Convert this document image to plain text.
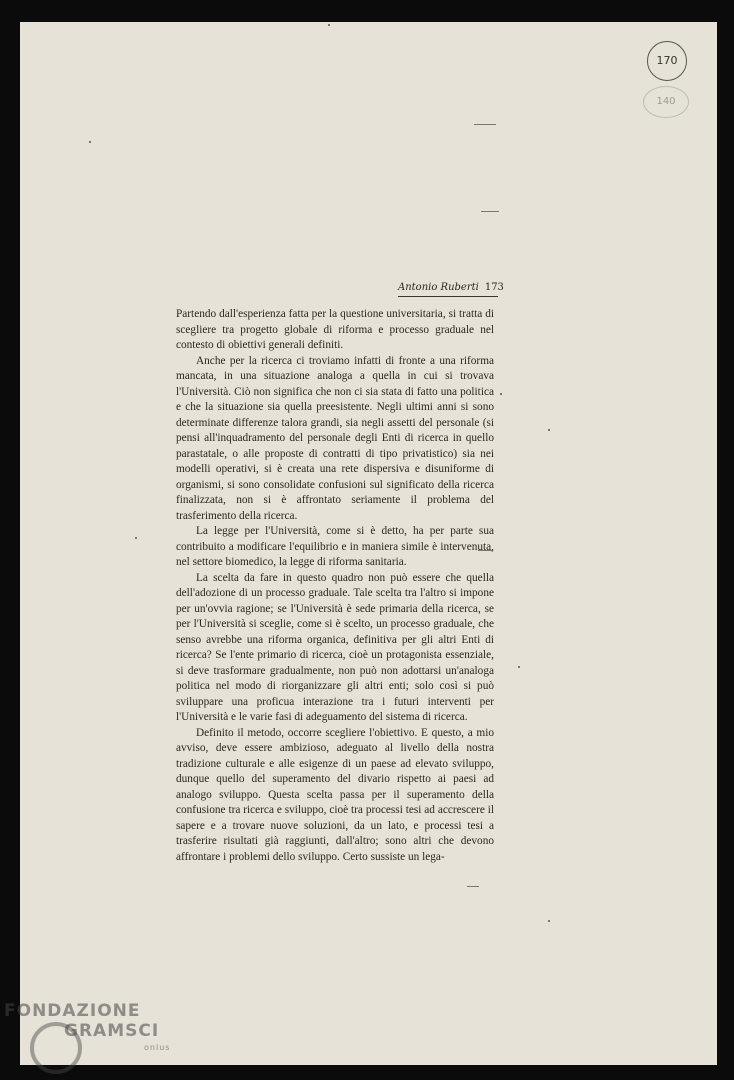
170
140
Antonio Ruberti 173

Partendo dall'esperienza fatta per la questione universitaria, si tratta di scegliere tra progetto globale di riforma e processo graduale nel contesto di obiettivi generali definiti.

Anche per la ricerca ci troviamo infatti di fronte a una riforma mancata, in una situazione analoga a quella in cui si trovava l'Università. Ciò non significa che non ci sia stata di fatto una politica e che la situazione sia quella preesistente. Negli ultimi anni si sono determinate differenze talora grandi, sia negli assetti del personale (si pensi all'inquadramento del personale degli Enti di ricerca in quello parastatale, o alle proposte di contratti di tipo privatistico) sia nei modelli operativi, si è creata una rete dispersiva e disuniforme di organismi, si sono consolidate confusioni sul significato della ricerca finalizzata, non si è affrontato seriamente il problema del trasferimento della ricerca.

La legge per l'Università, come si è detto, ha per parte sua contribuito a modificare l'equilibrio e in maniera simile è intervenuta, nel settore biomedico, la legge di riforma sanitaria.

La scelta da fare in questo quadro non può essere che quella dell'adozione di un processo graduale. Tale scelta tra l'altro si impone per un'ovvia ragione; se l'Università è sede primaria della ricerca, se per l'Università si sceglie, come si è scelto, un processo graduale, che senso avrebbe una riforma organica, definitiva per gli altri Enti di ricerca? Se l'ente primario di ricerca, cioè un protagonista essenziale, si deve trasformare gradualmente, non può non adottarsi un'analoga politica nel modo di riorganizzare gli altri enti; solo così si può sviluppare una proficua interazione tra i futuri interventi per l'Università e le varie fasi di adeguamento del sistema di ricerca.

Definito il metodo, occorre scegliere l'obiettivo. E questo, a mio avviso, deve essere ambizioso, adeguato al livello della nostra tradizione culturale e alle esigenze di un paese ad elevato sviluppo, dunque quello del superamento del divario rispetto ai paesi ad analogo sviluppo. Questa scelta passa per il superamento della confusione tra ricerca e sviluppo, cioè tra processi tesi ad accrescere il sapere e a trovare nuove soluzioni, da un lato, e processi tesi a trasferire risultati già raggiunti, dall'altro; sono altri che devono affrontare i problemi dello sviluppo. Certo sussiste un lega-

FONDAZIONE
GRAMSCI
onlus
